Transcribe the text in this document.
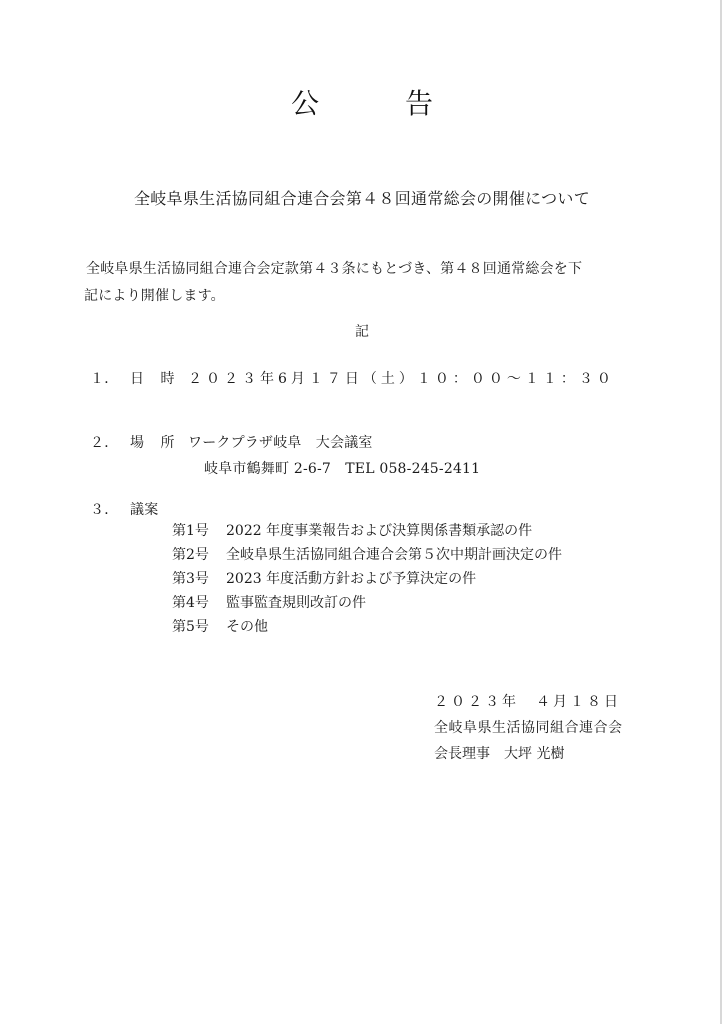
公告
全岐阜県生活協同組合連合会第４８回通常総会の開催について
全岐阜県生活協同組合連合会定款第４３条にもとづき、第４８回通常総会を下
記により開催します。
記
１． 日 時 ２０２３年6月１７日（土）１０：００～１１：３０
２． 場 所 ワークプラザ岐阜　大会議室
岐阜市鶴舞町 2-6-7　TEL 058-245-2411
３． 議案
第1号 2022 年度事業報告および決算関係書類承認の件
第2号 全岐阜県生活協同組合連合会第５次中期計画決定の件
第3号 2023 年度活動方針および予算決定の件
第4号 監事監査規則改訂の件
第5号 その他
２０２３年　４月１８日
全岐阜県生活協同組合連合会
会長理事　大坪 光樹
